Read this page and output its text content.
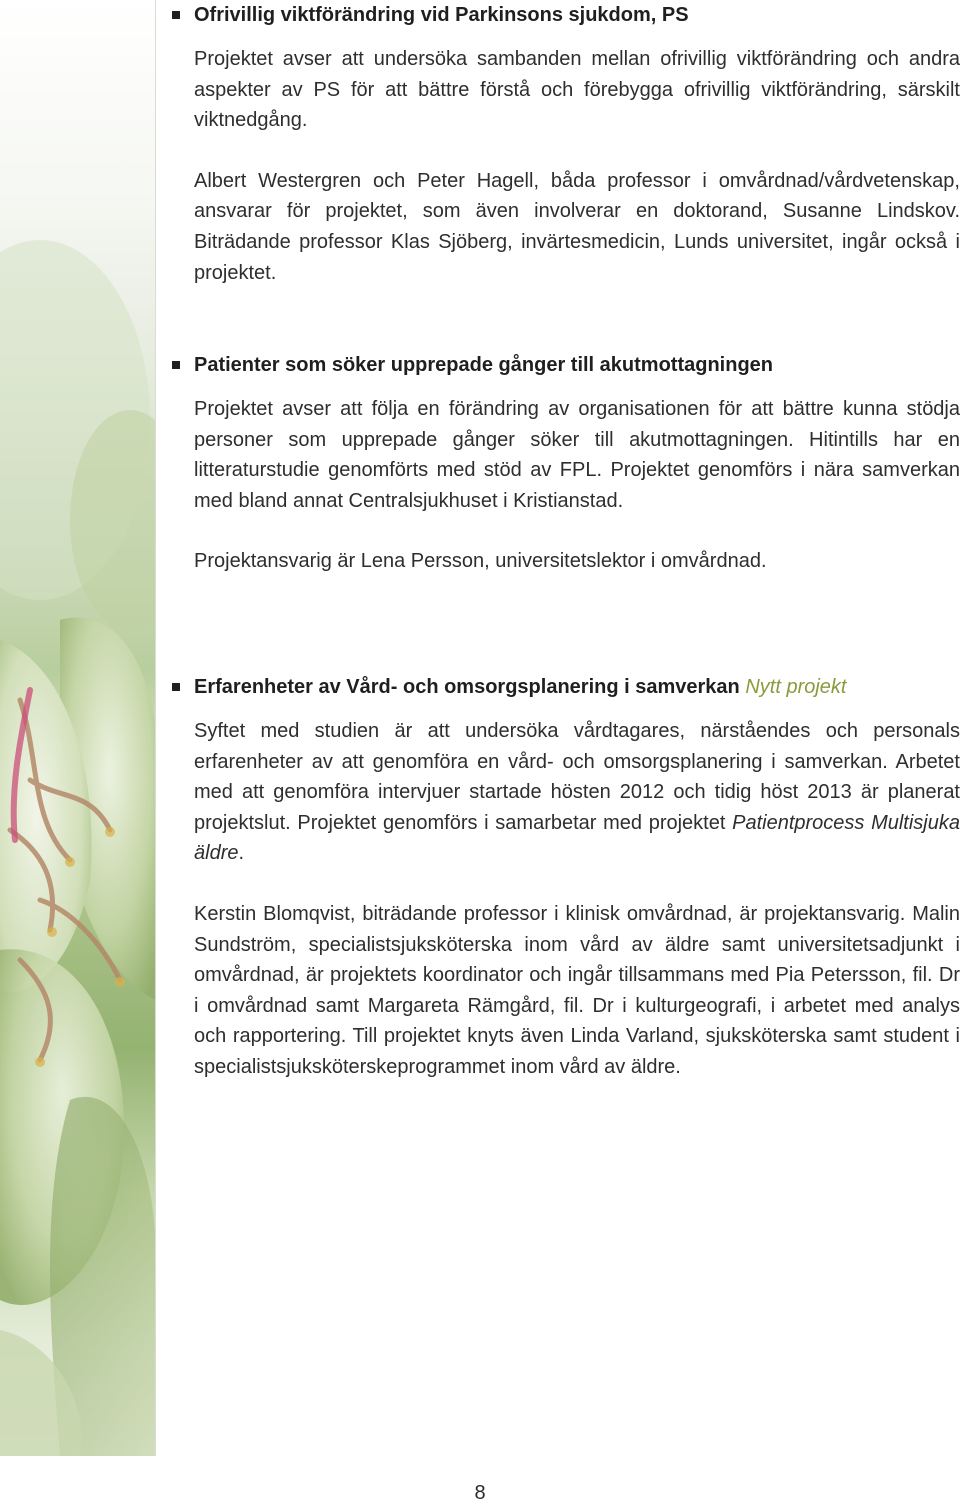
Ofrivillig viktförändring vid Parkinsons sjukdom, PS

Projektet avser att undersöka sambanden mellan ofrivillig viktförändring och andra aspekter av PS för att bättre förstå och förebygga ofrivillig viktförändring, särskilt viktnedgång.

Albert Westergren och Peter Hagell, båda professor i omvårdnad/vårdvetenskap, ansvarar för projektet, som även involverar en doktorand, Susanne Lindskov. Biträdande professor Klas Sjöberg, invärtesmedicin, Lunds universitet, ingår också i projektet.

Patienter som söker upprepade gånger till akutmottagningen

Projektet avser att följa en förändring av organisationen för att bättre kunna stödja personer som upprepade gånger söker till akutmottagningen. Hitintills har en litteraturstudie genomförts med stöd av FPL. Projektet genomförs i nära samverkan med bland annat Centralsjukhuset i Kristianstad.

Projektansvarig är Lena Persson, universitetslektor i omvårdnad.

Erfarenheter av Vård- och omsorgsplanering i samverkan Nytt projekt

Syftet med studien är att undersöka vårdtagares, närståendes och personals erfarenheter av att genomföra en vård- och omsorgsplanering i samverkan. Arbetet med att genomföra intervjuer startade hösten 2012 och tidig höst 2013 är planerat projektslut. Projektet genomförs i samarbetar med projektet Patientprocess Multisjuka äldre.

Kerstin Blomqvist, biträdande professor i klinisk omvårdnad, är projektansvarig. Malin Sundström, specialistsjuksköterska inom vård av äldre samt universitetsadjunkt i omvårdnad, är projektets koordinator och ingår tillsammans med Pia Petersson, fil. Dr i omvårdnad samt Margareta Rämgård, fil. Dr i kulturgeografi, i arbetet med analys och rapportering. Till projektet knyts även Linda Varland, sjuksköterska samt student i specialistsjuksköterskeprogrammet inom vård av äldre.

8
